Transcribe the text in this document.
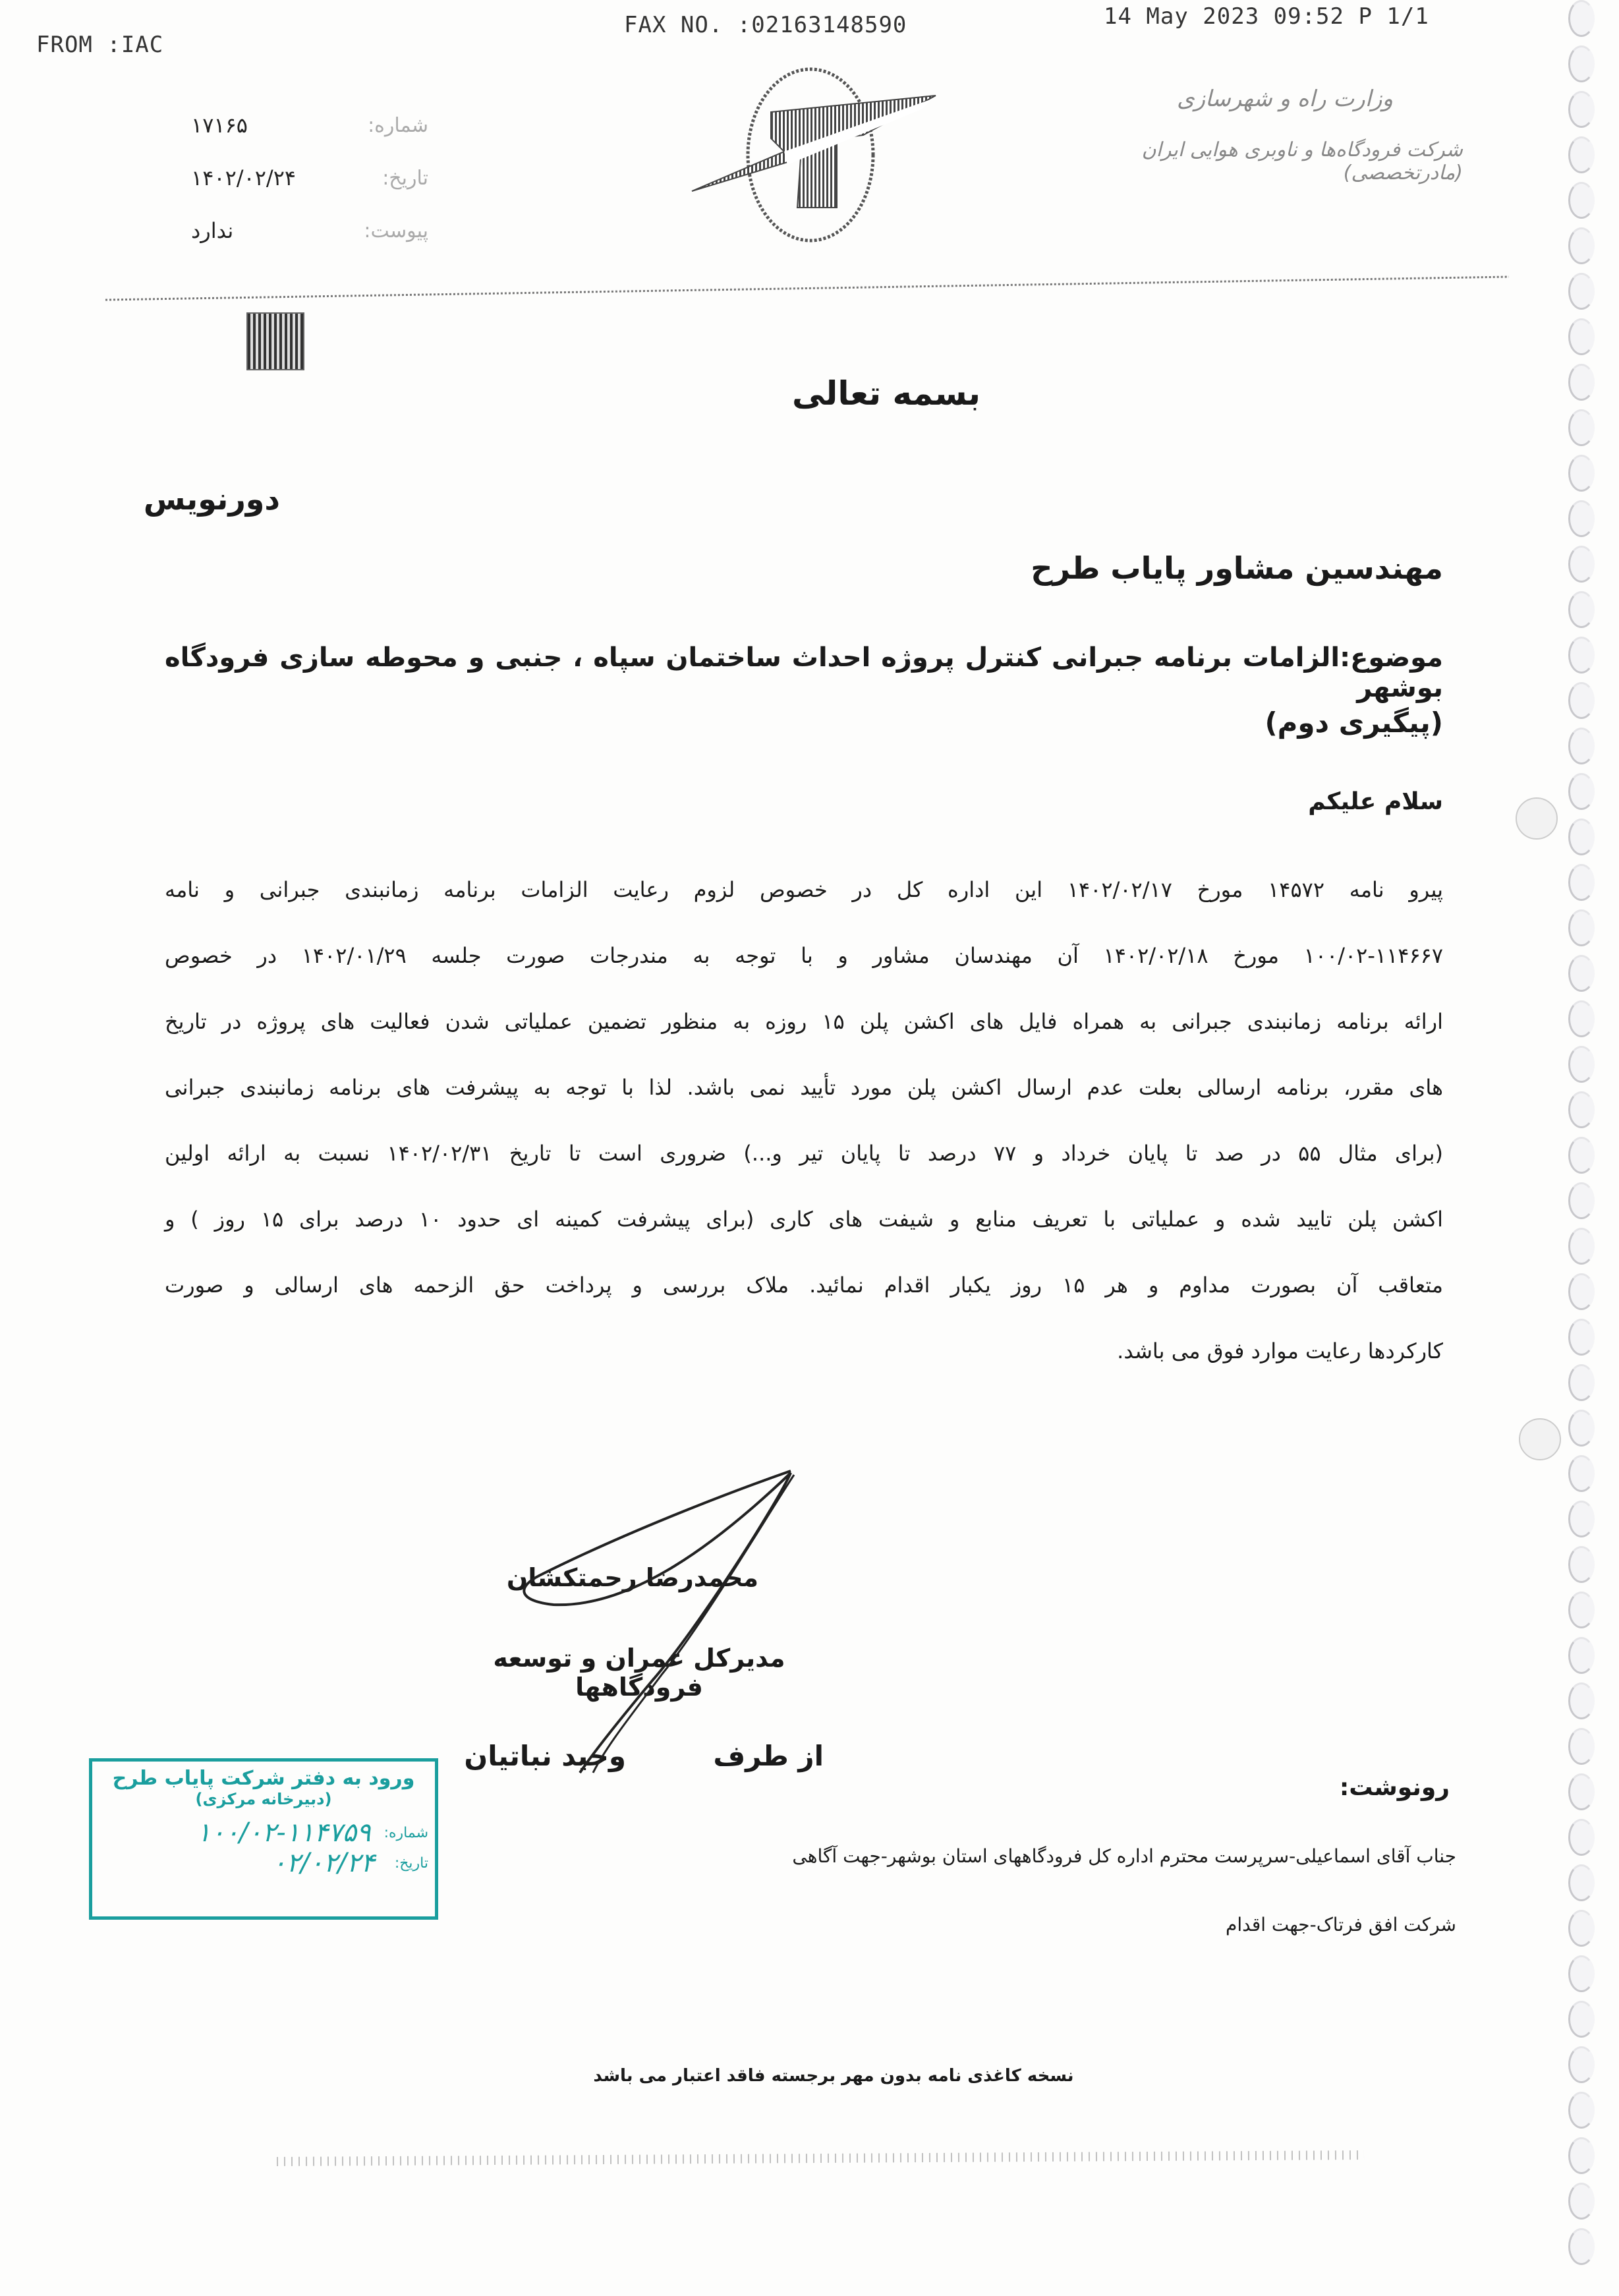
FROM :IAC
FAX NO. :02163148590	14 May 2023 09:52 P 1/1
شماره:
۱۷۱۶۵
تاریخ:
۱۴۰۲/۰۲/۲۴
پیوست:
ندارد
وزارت راه و شهرسازی
شرکت فرودگاه‌ها و ناوبری هوایی ایران (مادرتخصصی)
بسمه تعالی
دورنویس
مهندسین مشاور پایاب طرح
موضوع:الزامات برنامه جبرانی کنترل پروژه احداث ساختمان سپاه ، جنبی و محوطه سازی فرودگاه بوشهر
(پیگیری دوم)
سلام علیکم
پیرو نامه ۱۴۵۷۲ مورخ ۱۴۰۲/۰۲/۱۷ این اداره کل در خصوص لزوم رعایت الزامات برنامه زمانبندی جبرانی و نامه
۱۰۰/۰۲-۱۱۴۶۶۷ مورخ ۱۴۰۲/۰۲/۱۸ آن مهندسان مشاور و با توجه به مندرجات صورت جلسه ۱۴۰۲/۰۱/۲۹ در خصوص
ارائه برنامه زمانبندی جبرانی به همراه فایل های اکشن پلن ۱۵ روزه به منظور تضمین عملیاتی شدن فعالیت های پروژه در تاریخ
های مقرر، برنامه ارسالی بعلت عدم ارسال اکشن پلن مورد تأیید نمی باشد. لذا با توجه به پیشرفت های برنامه زمانبندی جبرانی
(برای مثال ۵۵ در صد تا پایان خرداد و ۷۷ درصد تا پایان تیر و...) ضروری است تا تاریخ ۱۴۰۲/۰۲/۳۱ نسبت به ارائه اولین
اکشن پلن تایید شده و عملیاتی با تعریف منابع و شیفت های کاری (برای پیشرفت کمینه ای حدود ۱۰ درصد برای ۱۵ روز ) و
متعاقب آن بصورت مداوم و هر ۱۵ روز یکبار اقدام نمائید. ملاک بررسی و پرداخت حق الزحمه های ارسالی و صورت
کارکردها رعایت موارد فوق می باشد.
محمدرضا رحمتکشان
مدیرکل عمران و توسعه فرودگاهها
از طرف
وحید نباتیان
ورود به دفتر شرکت پایاب طرح
(دبیرخانه مرکزی)
شماره:
۱۰۰/۰۲-۱۱۴۷۵۹
تاریخ:
۰۲/۰۲/۲۴
رونوشت:
جناب آقای اسماعیلی-سرپرست محترم اداره کل فرودگاههای استان بوشهر-جهت آگاهی
شرکت افق فرتاک-جهت اقدام
نسخه کاغذی نامه بدون مهر برجسته فاقد اعتبار می باشد
